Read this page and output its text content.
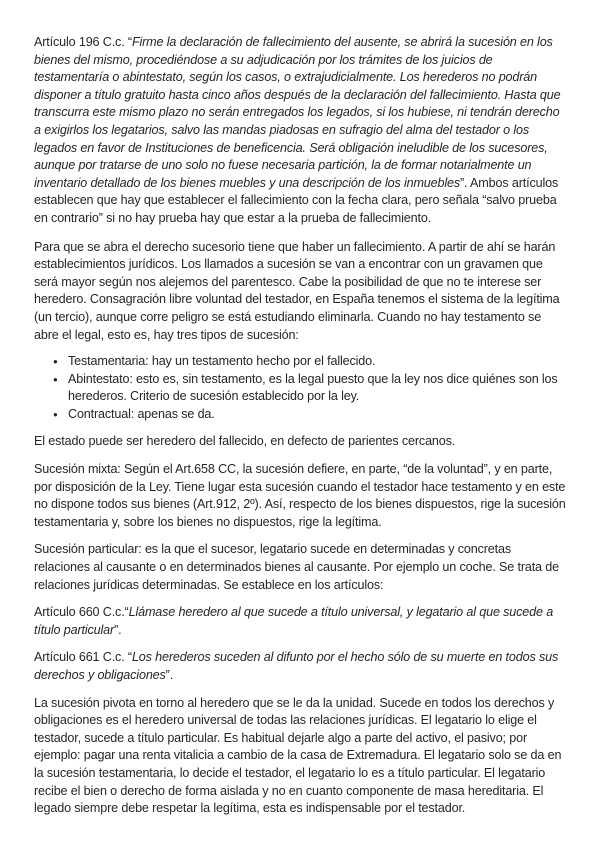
Artículo 196 C.c. “Firme la declaración de fallecimiento del ausente, se abrirá la sucesión en los bienes del mismo, procediéndose a su adjudicación por los trámites de los juicios de testamentaría o abintestato, según los casos, o extrajudicialmente. Los herederos no podrán disponer a título gratuito hasta cinco años después de la declaración del fallecimiento. Hasta que transcurra este mismo plazo no serán entregados los legados, si los hubiese, ni tendrán derecho a exigirlos los legatarios, salvo las mandas piadosas en sufragio del alma del testador o los legados en favor de Instituciones de beneficencia. Será obligación ineludible de los sucesores, aunque por tratarse de uno solo no fuese necesaria partición, la de formar notarialmente un inventario detallado de los bienes muebles y una descripción de los inmuebles”. Ambos artículos establecen que hay que establecer el fallecimiento con la fecha clara, pero señala “salvo prueba en contrario” si no hay prueba hay que estar a la prueba de fallecimiento.

Para que se abra el derecho sucesorio tiene que haber un fallecimiento. A partir de ahí se harán establecimientos jurídicos. Los llamados a sucesión se van a encontrar con un gravamen que será mayor según nos alejemos del parentesco. Cabe la posibilidad de que no te interese ser heredero. Consagración libre voluntad del testador, en España tenemos el sistema de la legítima (un tercio), aunque corre peligro se está estudiando eliminarla. Cuando no hay testamento se abre el legal, esto es, hay tres tipos de sucesión:

● Testamentaria: hay un testamento hecho por el fallecido.
● Abintestato: esto es, sin testamento, es la legal puesto que la ley nos dice quiénes son los herederos. Criterio de sucesión establecido por la ley.
● Contractual: apenas se da.

El estado puede ser heredero del fallecido, en defecto de parientes cercanos.

Sucesión mixta: Según el Art.658 CC, la sucesión defiere, en parte, “de la voluntad”, y en parte, por disposición de la Ley. Tiene lugar esta sucesión cuando el testador hace testamento y en este no dispone todos sus bienes (Art.912, 2º). Así, respecto de los bienes dispuestos, rige la sucesión testamentaria y, sobre los bienes no dispuestos, rige la legítima.

Sucesión particular: es la que el sucesor, legatario sucede en determinadas y concretas relaciones al causante o en determinados bienes al causante. Por ejemplo un coche. Se trata de relaciones jurídicas determinadas. Se establece en los artículos:

Artículo 660 C.c.“Llámase heredero al que sucede a título universal, y legatario al que sucede a título particular”.

Artículo 661 C.c. “Los herederos suceden al difunto por el hecho sólo de su muerte en todos sus derechos y obligaciones”.

La sucesión pivota en torno al heredero que se le da la unidad. Sucede en todos los derechos y obligaciones es el heredero universal de todas las relaciones jurídicas. El legatario lo elige el testador, sucede a título particular. Es habitual dejarle algo a parte del activo, el pasivo; por ejemplo: pagar una renta vitalicia a cambio de la casa de Extremadura. El legatario solo se da en la sucesión testamentaria, lo decide el testador, el legatario lo es a título particular. El legatario recibe el bien o derecho de forma aislada y no en cuanto componente de masa hereditaria. El legado siempre debe respetar la legítima, esta es indispensable por el testador.
